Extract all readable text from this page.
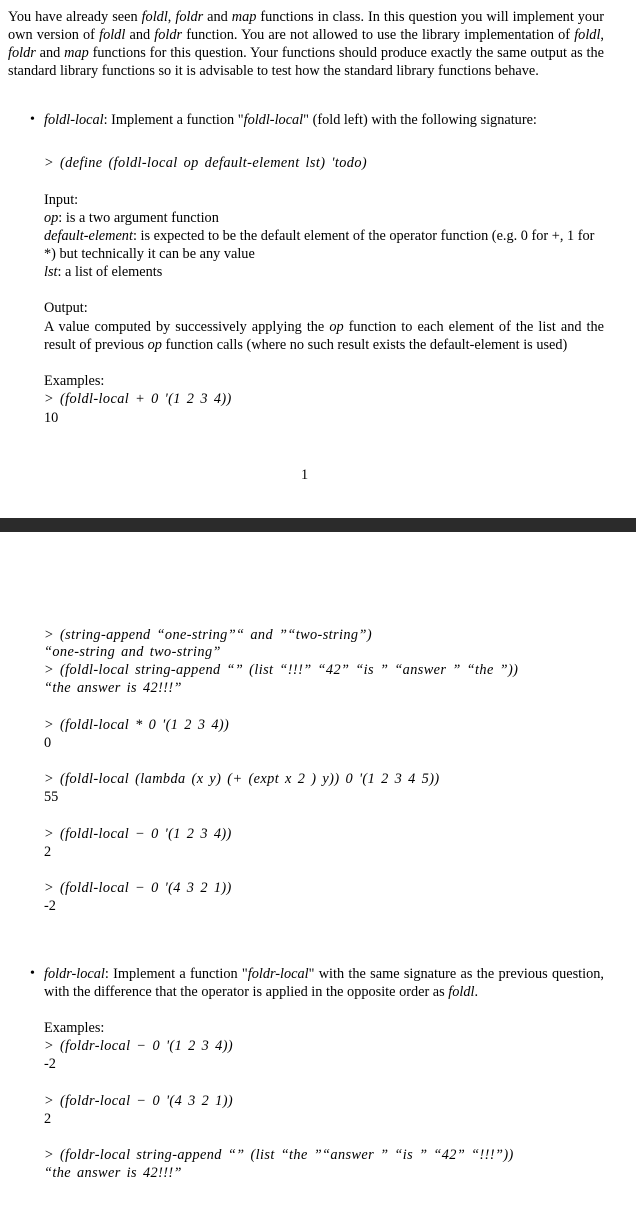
You have already seen foldl, foldr and map functions in class. In this question you will implement your own version of foldl and foldr function. You are not allowed to use the library implementation of foldl, foldr and map functions for this question. Your functions should produce exactly the same output as the standard library functions so it is advisable to test how the standard library functions behave.

• foldl-local: Implement a function "foldl-local" (fold left) with the following signature:

> (define (foldl-local op default-element lst) 'todo)

Input:

op: is a two argument function

default-element: is expected to be the default element of the operator function (e.g. 0 for +, 1 for *) but technically it can be any value

lst: a list of elements

Output:

A value computed by successively applying the op function to each element of the list and the result of previous op function calls (where no such result exists the default-element is used)

Examples:

> (foldl-local + 0 '(1 2 3 4))

10

1

> (string-append “one-string”“ and ”“two-string”)

“one-string and two-string”

> (foldl-local string-append “” (list “!!!” “42” “is ” “answer ” “the ”))

“the answer is 42!!!”

> (foldl-local * 0 '(1 2 3 4))

0

> (foldl-local (lambda (x y) (+ (expt x 2 ) y)) 0 '(1 2 3 4 5))

55

> (foldl-local − 0 '(1 2 3 4))

2

> (foldl-local − 0 '(4 3 2 1))

-2

• foldr-local: Implement a function "foldr-local" with the same signature as the previous question, with the difference that the operator is applied in the opposite order as foldl.

Examples:

> (foldr-local − 0 '(1 2 3 4))

-2

> (foldr-local − 0 '(4 3 2 1))

2

> (foldr-local string-append “” (list “the ”“answer ” “is ” “42” “!!!”))

“the answer is 42!!!”
